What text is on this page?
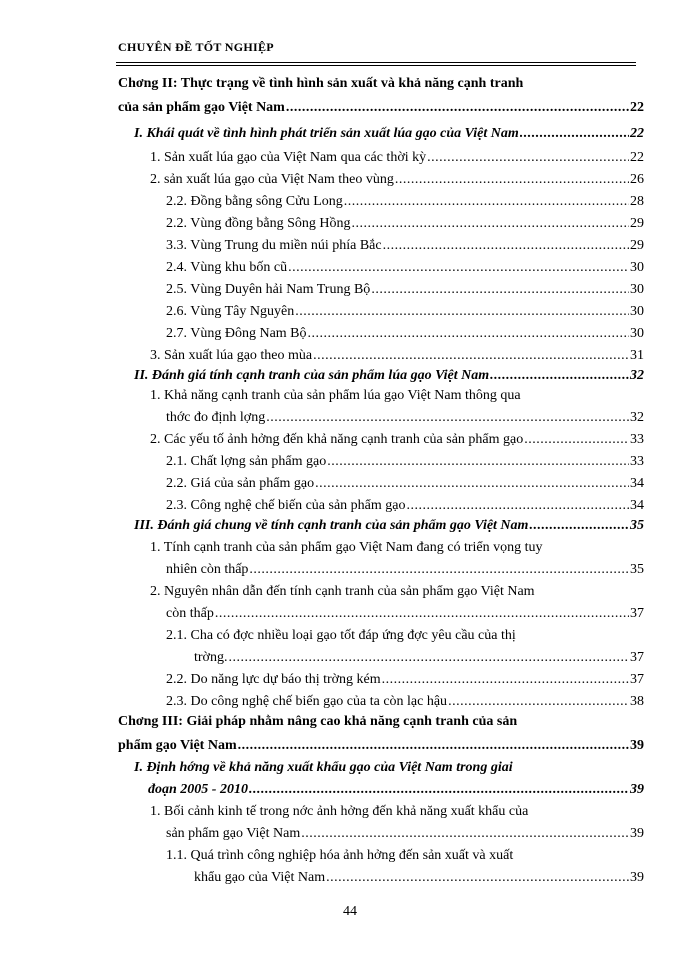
CHUYÊN ĐỀ TỐT NGHIỆP
Chơng II: Thực trạng về tình hình sản xuất và khả năng cạnh tranh
của sản phẩm gạo Việt Nam .....	22
I. Khái quát về tình hình phát triển sản xuất lúa gạo của Việt Nam .....	22
1. Sản xuất lúa gạo của Việt Nam qua các thời kỳ .....	22
2. sản xuất lúa gạo của Việt Nam theo vùng .....	26
2.2. Đồng bằng sông Cửu Long .....	28
2.2. Vùng đồng bằng Sông Hồng .....	29
3.3. Vùng Trung du miền núi phía Bắc .....	29
2.4. Vùng khu bốn cũ .....	30
2.5. Vùng Duyên hải Nam Trung Bộ .....	30
2.6. Vùng Tây Nguyên .....	30
2.7. Vùng Đông Nam Bộ .....	30
3. Sản xuất lúa gạo theo mùa .....	31
II. Đánh giá tính cạnh tranh của sản phẩm lúa gạo Việt Nam .....	32
1. Khả năng cạnh tranh của sản phẩm lúa gạo Việt Nam thông qua
thớc đo định lợng .....	32
2. Các yếu tố ảnh hởng đến khả năng cạnh tranh của sản phẩm gạo .....	33
2.1. Chất lợng sản phẩm gạo .....	33
2.2. Giá của sản phẩm gạo .....	34
2.3. Công nghệ chế biến của sản phẩm gạo .....	34
III. Đánh giá chung về tính cạnh tranh của sản phẩm gạo Việt Nam .....	35
1. Tính cạnh tranh của sản phẩm gạo Việt Nam đang có triển vọng tuy
nhiên còn thấp .....	35
2. Nguyên nhân dẫn đến tính cạnh tranh của sản phẩm gạo Việt Nam
còn thấp .....	37
2.1. Cha có đợc nhiều loại gạo tốt đáp ứng đợc yêu cầu của thị
trờng. .....	37
2.2. Do năng lực dự báo thị trờng kém .....	37
2.3. Do công nghệ chế biến gạo của ta còn lạc hậu .....	38
Chơng III: Giải pháp nhằm nâng cao khả năng cạnh tranh của sản
phẩm gạo Việt Nam .....	39
I. Định hớng về khả năng xuất khẩu gạo của Việt Nam trong giai
đoạn 2005 - 2010 .....	39
1. Bối cảnh kinh tế trong nớc ảnh hởng đến khả năng xuất khẩu của
sản phẩm gạo Việt Nam .....	39
1.1. Quá trình công nghiệp hóa ảnh hởng đến sản xuất và xuất
khẩu gạo của Việt Nam .....	39
44
